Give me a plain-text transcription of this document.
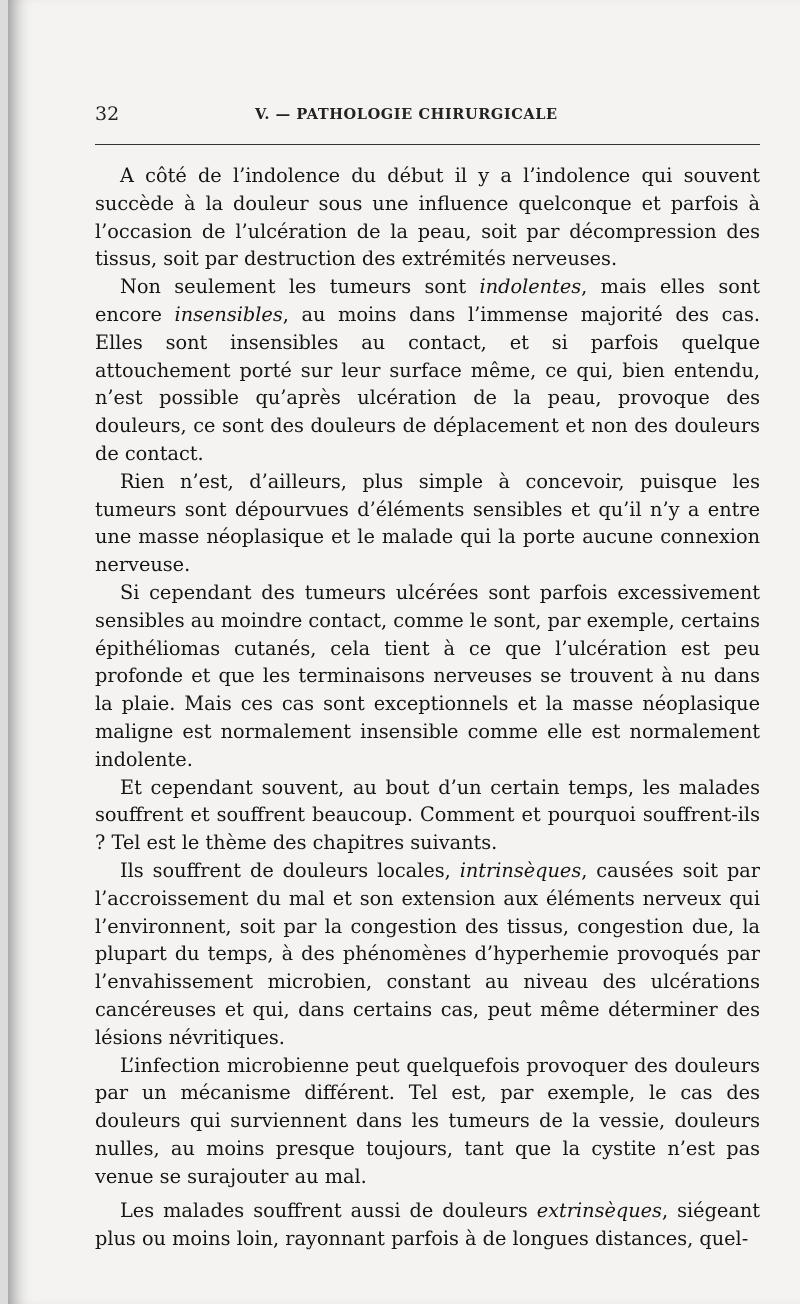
32	V. — PATHOLOGIE CHIRURGICALE

A côté de l’indolence du début il y a l’indolence qui souvent succède à la douleur sous une influence quelconque et parfois à l’occasion de l’ulcération de la peau, soit par décompression des tissus, soit par destruction des extrémités nerveuses.

Non seulement les tumeurs sont indolentes, mais elles sont encore insensibles, au moins dans l’immense majorité des cas. Elles sont insensibles au contact, et si parfois quelque attouchement porté sur leur surface même, ce qui, bien entendu, n’est possible qu’après ulcération de la peau, provoque des douleurs, ce sont des douleurs de déplacement et non des douleurs de contact.

Rien n’est, d’ailleurs, plus simple à concevoir, puisque les tumeurs sont dépourvues d’éléments sensibles et qu’il n’y a entre une masse néoplasique et le malade qui la porte aucune connexion nerveuse.

Si cependant des tumeurs ulcérées sont parfois excessivement sensibles au moindre contact, comme le sont, par exemple, certains épithéliomas cutanés, cela tient à ce que l’ulcération est peu profonde et que les terminaisons nerveuses se trouvent à nu dans la plaie. Mais ces cas sont exceptionnels et la masse néoplasique maligne est normalement insensible comme elle est normalement indolente.

Et cependant souvent, au bout d’un certain temps, les malades souffrent et souffrent beaucoup. Comment et pourquoi souffrent-ils ? Tel est le thème des chapitres suivants.

Ils souffrent de douleurs locales, intrinsèques, causées soit par l’accroissement du mal et son extension aux éléments nerveux qui l’environnent, soit par la congestion des tissus, congestion due, la plupart du temps, à des phénomènes d’hyperhemie provoqués par l’envahissement microbien, constant au niveau des ulcérations cancéreuses et qui, dans certains cas, peut même déterminer des lésions névritiques.

L’infection microbienne peut quelquefois provoquer des douleurs par un mécanisme différent. Tel est, par exemple, le cas des douleurs qui surviennent dans les tumeurs de la vessie, douleurs nulles, au moins presque toujours, tant que la cystite n’est pas venue se surajouter au mal.

Les malades souffrent aussi de douleurs extrinsèques, siégeant plus ou moins loin, rayonnant parfois à de longues distances, quel-
